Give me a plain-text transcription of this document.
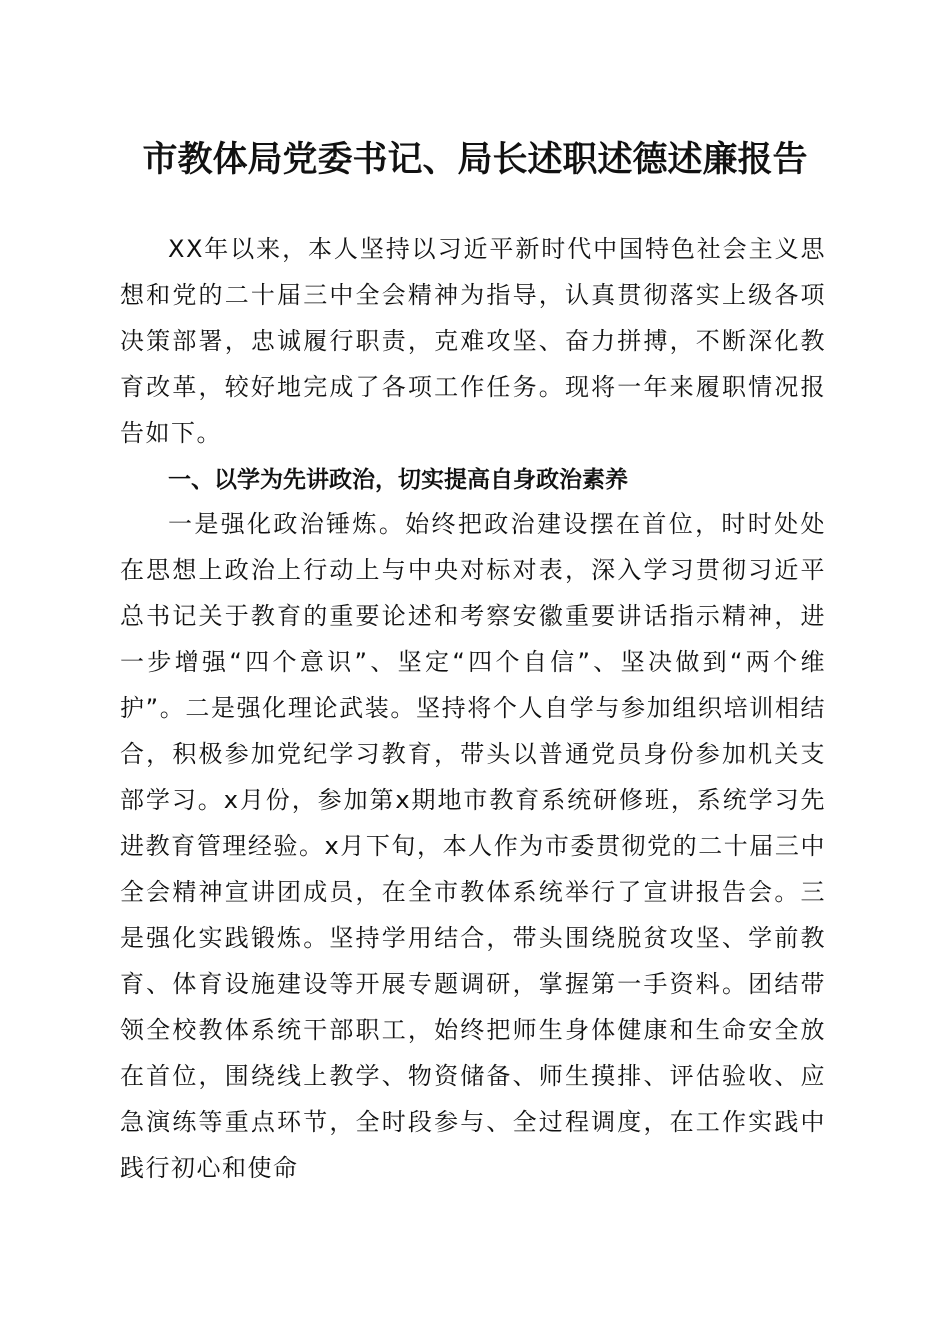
市教体局党委书记、局长述职述德述廉报告

XX年以来，本人坚持以习近平新时代中国特色社会主义思想和党的二十届三中全会精神为指导，认真贯彻落实上级各项决策部署，忠诚履行职责，克难攻坚、奋力拼搏，不断深化教育改革，较好地完成了各项工作任务。现将一年来履职情况报告如下。

一、以学为先讲政治，切实提高自身政治素养

一是强化政治锤炼。始终把政治建设摆在首位，时时处处在思想上政治上行动上与中央对标对表，深入学习贯彻习近平总书记关于教育的重要论述和考察安徽重要讲话指示精神，进一步增强“四个意识”、坚定“四个自信”、坚决做到“两个维护”。二是强化理论武装。坚持将个人自学与参加组织培训相结合，积极参加党纪学习教育，带头以普通党员身份参加机关支部学习。x月份，参加第x期地市教育系统研修班，系统学习先进教育管理经验。x月下旬，本人作为市委贯彻党的二十届三中全会精神宣讲团成员，在全市教体系统举行了宣讲报告会。三是强化实践锻炼。坚持学用结合，带头围绕脱贫攻坚、学前教育、体育设施建设等开展专题调研，掌握第一手资料。团结带领全校教体系统干部职工，始终把师生身体健康和生命安全放在首位，围绕线上教学、物资储备、师生摸排、评估验收、应急演练等重点环节，全时段参与、全过程调度，在工作实践中践行初心和使命
